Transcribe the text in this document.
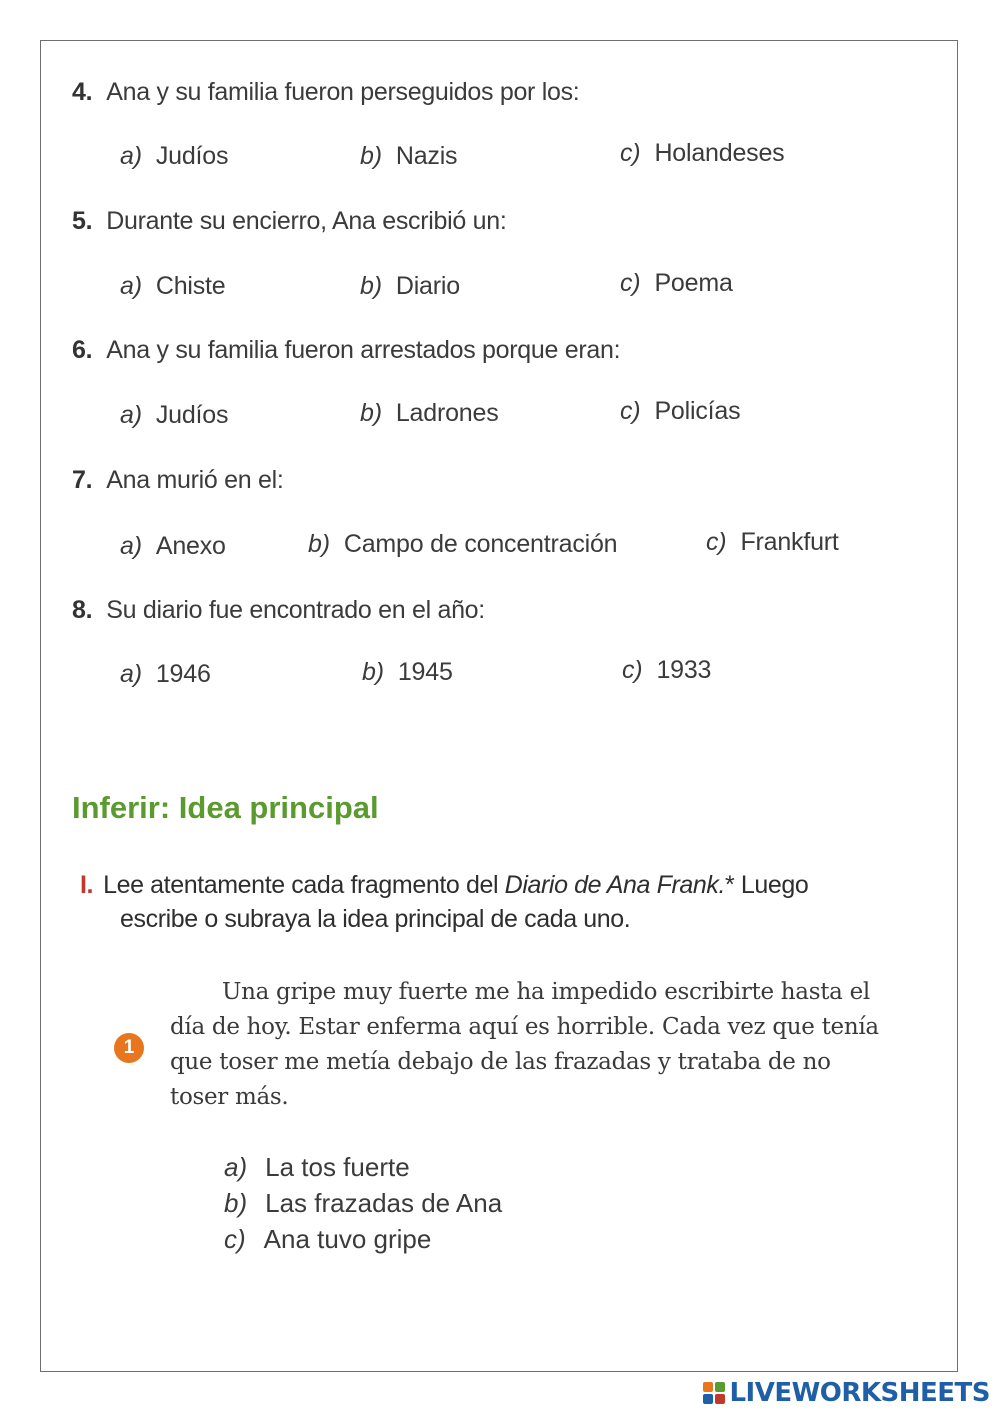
4. Ana y su familia fueron perseguidos por los:
a) Judíos	b) Nazis	c) Holandeses
5. Durante su encierro, Ana escribió un:
a) Chiste	b) Diario	c) Poema
6. Ana y su familia fueron arrestados porque eran:
a) Judíos	b) Ladrones	c) Policías
7. Ana murió en el:
a) Anexo	b) Campo de concentración	c) Frankfurt
8. Su diario fue encontrado en el año:
a) 1946	b) 1945	c) 1933
Inferir: Idea principal
I. Lee atentamente cada fragmento del Diario de Ana Frank.* Luego
escribe o subraya la idea principal de cada uno.
1
Una gripe muy fuerte me ha impedido escribirte hasta el
día de hoy. Estar enferma aquí es horrible. Cada vez que tenía
que toser me metía debajo de las frazadas y trataba de no
toser más.
a) La tos fuerte
b) Las frazadas de Ana
c) Ana tuvo gripe
LIVEWORKSHEETS
